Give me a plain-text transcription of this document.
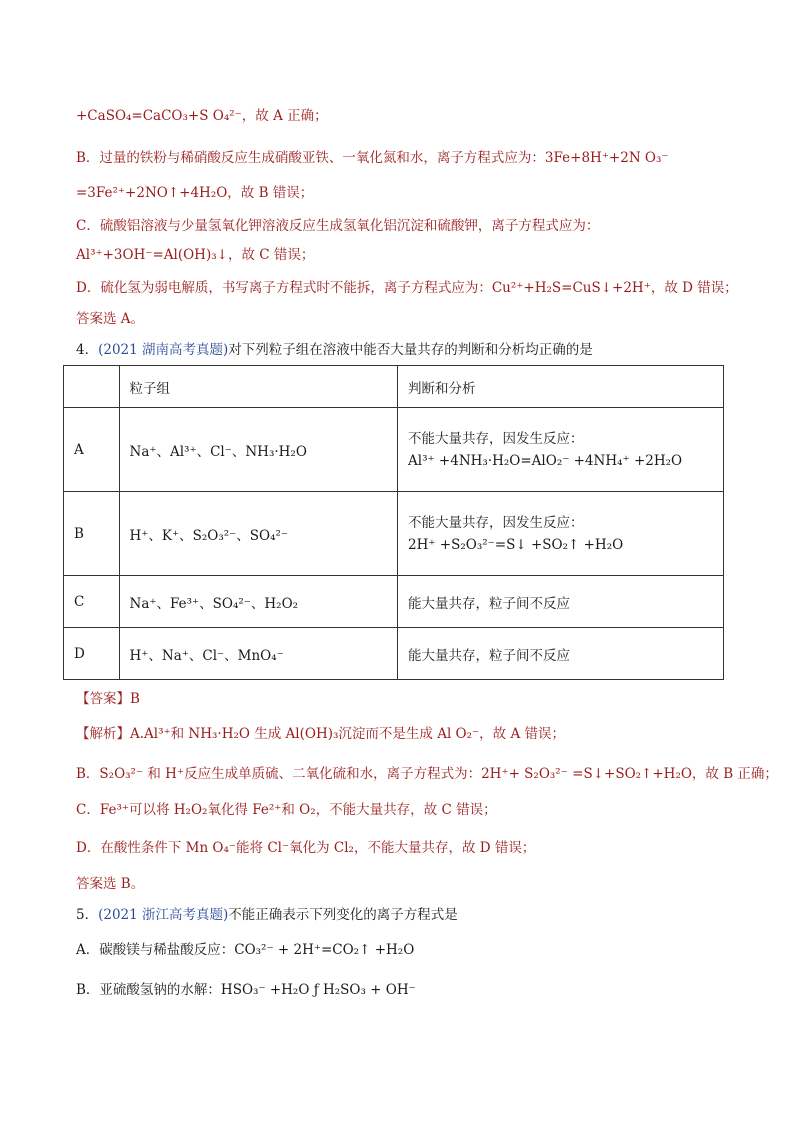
+CaSO₄=CaCO₃+S O₄²⁻，故 A 正确；
B．过量的铁粉与稀硝酸反应生成硝酸亚铁、一氧化氮和水，离子方程式应为：3Fe+8H⁺+2N O₃⁻
=3Fe²⁺+2NO↑+4H₂O，故 B 错误；
C．硫酸铝溶液与少量氢氧化钾溶液反应生成氢氧化铝沉淀和硫酸钾，离子方程式应为：
Al³⁺+3OH⁻=Al(OH)₃↓，故 C 错误；
D．硫化氢为弱电解质，书写离子方程式时不能拆，离子方程式应为：Cu²⁺+H₂S=CuS↓+2H⁺，故 D 错误；
答案选 A。
4．(2021 湖南高考真题)对下列粒子组在溶液中能否大量共存的判断和分析均正确的是
	粒子组	判断和分析
A	Na⁺、Al³⁺、Cl⁻、NH₃·H₂O	不能大量共存，因发生反应：
Al³⁺ +4NH₃·H₂O=AlO₂⁻ +4NH₄⁺ +2H₂O

B	H⁺、K⁺、S₂O₃²⁻、SO₄²⁻	不能大量共存，因发生反应：
2H⁺ +S₂O₃²⁻=S↓ +SO₂↑ +H₂O

C	Na⁺、Fe³⁺、SO₄²⁻、H₂O₂	能大量共存，粒子间不反应
D	H⁺、Na⁺、Cl⁻、MnO₄⁻	能大量共存，粒子间不反应
【答案】B
【解析】A.Al³⁺和 NH₃·H₂O 生成 Al(OH)₃沉淀而不是生成 Al O₂⁻，故 A 错误；
B．S₂O₃²⁻ 和 H⁺反应生成单质硫、二氧化硫和水，离子方程式为：2H⁺+ S₂O₃²⁻ =S↓+SO₂↑+H₂O，故 B 正确；
C．Fe³⁺可以将 H₂O₂氧化得 Fe²⁺和 O₂，不能大量共存，故 C 错误；
D．在酸性条件下 Mn O₄⁻能将 Cl⁻氧化为 Cl₂，不能大量共存，故 D 错误；
答案选 B。
5．(2021 浙江高考真题)不能正确表示下列变化的离子方程式是
A．碳酸镁与稀盐酸反应：CO₃²⁻ + 2H⁺=CO₂↑ +H₂O
B．亚硫酸氢钠的水解：HSO₃⁻ +H₂O ƒ H₂SO₃ + OH⁻
